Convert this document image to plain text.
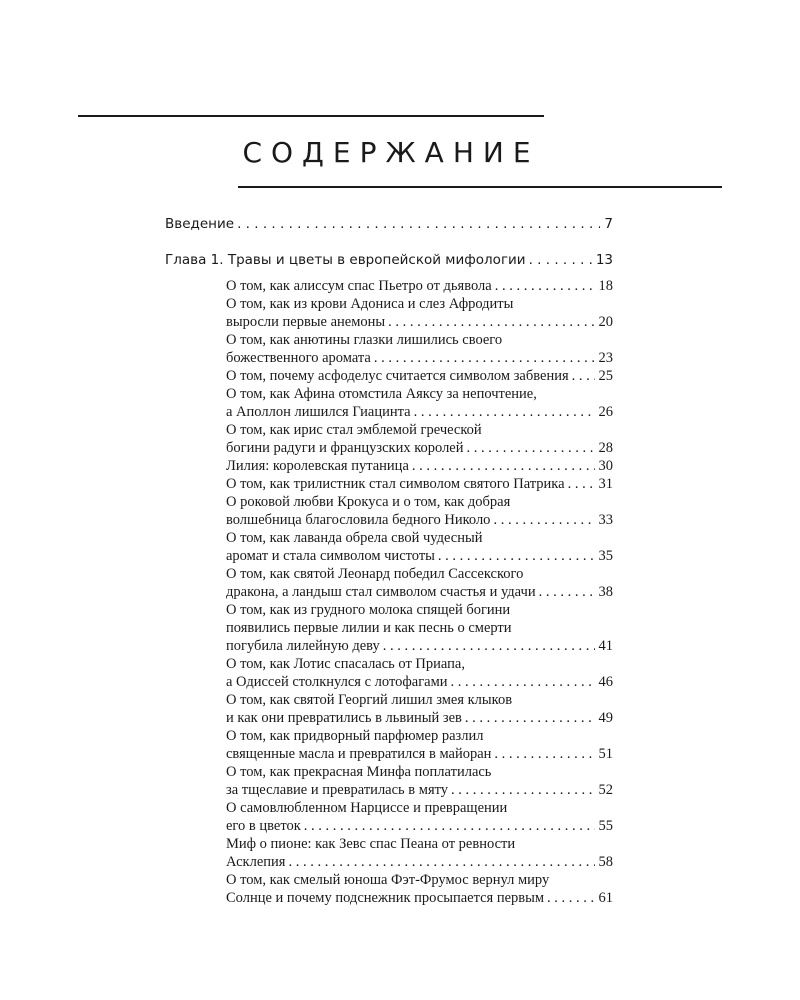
СОДЕРЖАНИЕ
Введение . . .	7
Глава 1. Травы и цветы в европейской мифологии . . .	13
О том, как алиссум спас Пьетро от дьявола . . .	18
О том, как из крови Адониса и слез Афродиты
выросли первые анемоны . . .	20
О том, как анютины глазки лишились своего
божественного аромата . . .	23
О том, почему асфоделус считается символом забвения . . . 25
О том, как Афина отомстила Аяксу за непочтение,
а Аполлон лишился Гиацинта . . .	26
О том, как ирис стал эмблемой греческой
богини радуги и французских королей . . .	28
Лилия: королевская путаница . . .	30
О том, как трилистник стал символом святого Патрика . . . 31
О роковой любви Крокуса и о том, как добрая
волшебница благословила бедного Николо . . .	33
О том, как лаванда обрела свой чудесный
аромат и стала символом чистоты . . .	35
О том, как святой Леонард победил Сассекского
дракона, а ландыш стал символом счастья и удачи . . .	38
О том, как из грудного молока спящей богини
появились первые лилии и как песнь о смерти
погубила лилейную деву . . .	41
О том, как Лотис спасалась от Приапа,
а Одиссей столкнулся с лотофагами . . .	46
О том, как святой Георгий лишил змея клыков
и как они превратились в львиный зев . . .	49
О том, как придворный парфюмер разлил
священные масла и превратился в майоран . . .	51
О том, как прекрасная Минфа поплатилась
за тщеславие и превратилась в мяту . . .	52
О самовлюбленном Нарциссе и превращении
его в цветок . . .	55
Миф о пионе: как Зевс спас Пеана от ревности
Асклепия . . .	58
О том, как смелый юноша Фэт-Фрумос вернул миру
Солнце и почему подснежник просыпается первым . . .	61
